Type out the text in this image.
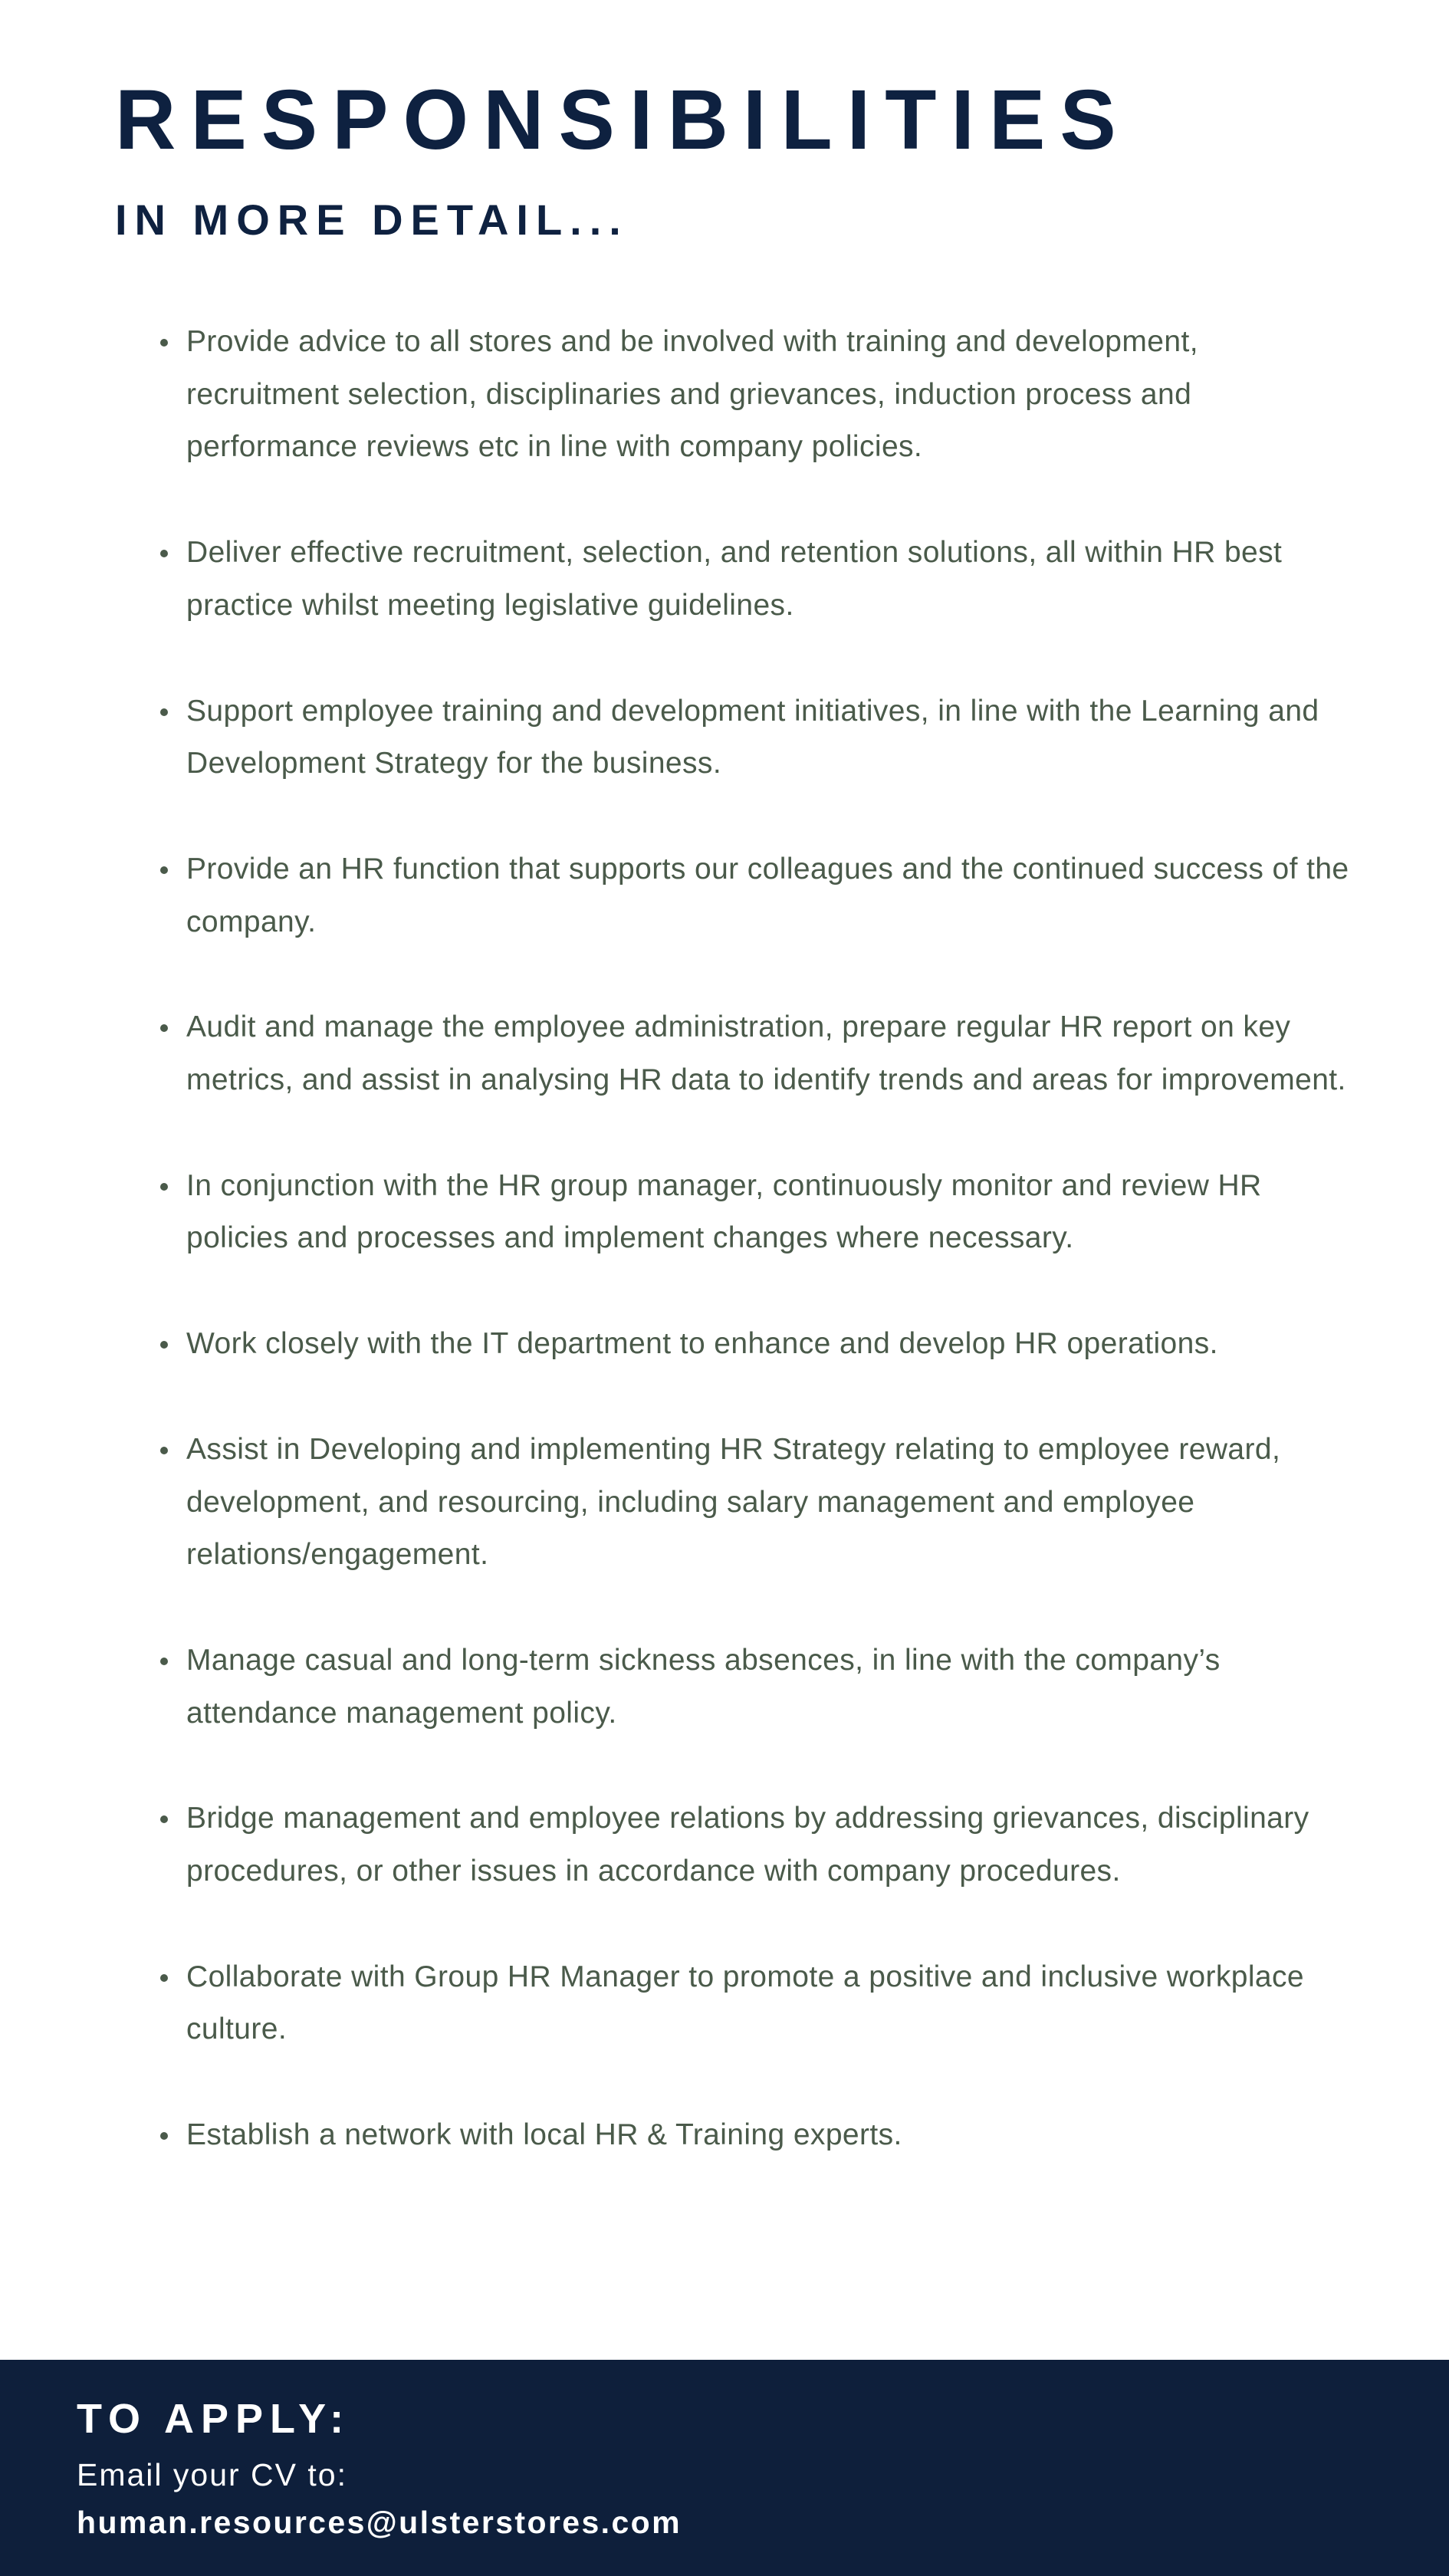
RESPONSIBILITIES
IN MORE DETAIL...
Provide advice to all stores and be involved with training and development, recruitment selection, disciplinaries and grievances, induction process and performance reviews etc in line with company policies.
Deliver effective recruitment, selection, and retention solutions, all within HR best practice whilst meeting legislative guidelines.
Support employee training and development initiatives, in line with the Learning and Development Strategy for the business.
Provide an HR function that supports our colleagues and the continued success of the company.
Audit and manage the employee administration, prepare regular HR report on key metrics, and assist in analysing HR data to identify trends and areas for improvement.
In conjunction with the HR group manager, continuously monitor and review HR policies and processes and implement changes where necessary.
Work closely with the IT department to enhance and develop HR operations.
Assist in Developing and implementing HR Strategy relating to employee reward, development, and resourcing, including salary management and employee relations/engagement.
Manage casual and long-term sickness absences, in line with the company’s attendance management policy.
Bridge management and employee relations by addressing grievances, disciplinary procedures, or other issues in accordance with company procedures.
Collaborate with Group HR Manager to promote a positive and inclusive workplace culture.
Establish a network with local HR & Training experts.
TO APPLY:

Email your CV to:

human.resources@ulsterstores.com
